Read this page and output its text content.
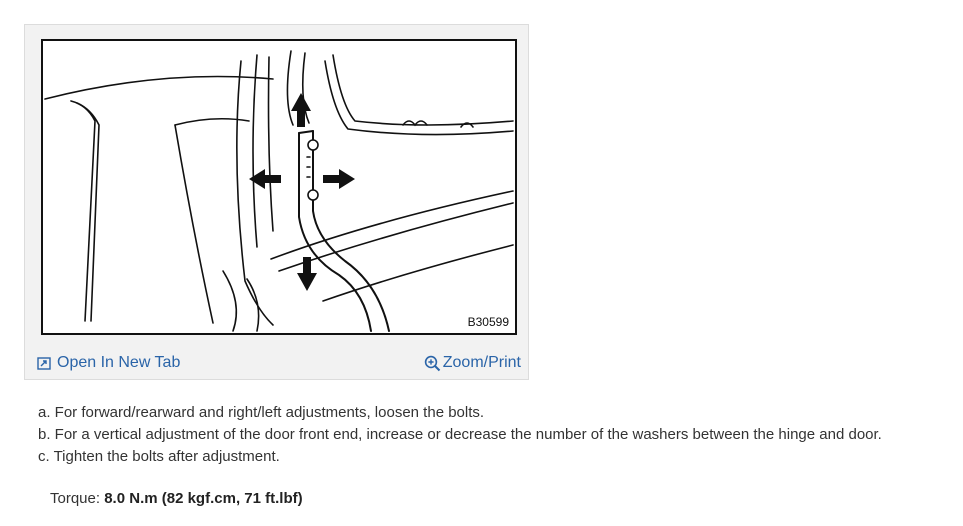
B30599
Open In New Tab	Zoom/Print
a. For forward/rearward and right/left adjustments, loosen the bolts.
b. For a vertical adjustment of the door front end, increase or decrease the number of the washers between the hinge and door.
c. Tighten the bolts after adjustment.
Torque: 8.0 N.m (82 kgf.cm, 71 ft.lbf)
